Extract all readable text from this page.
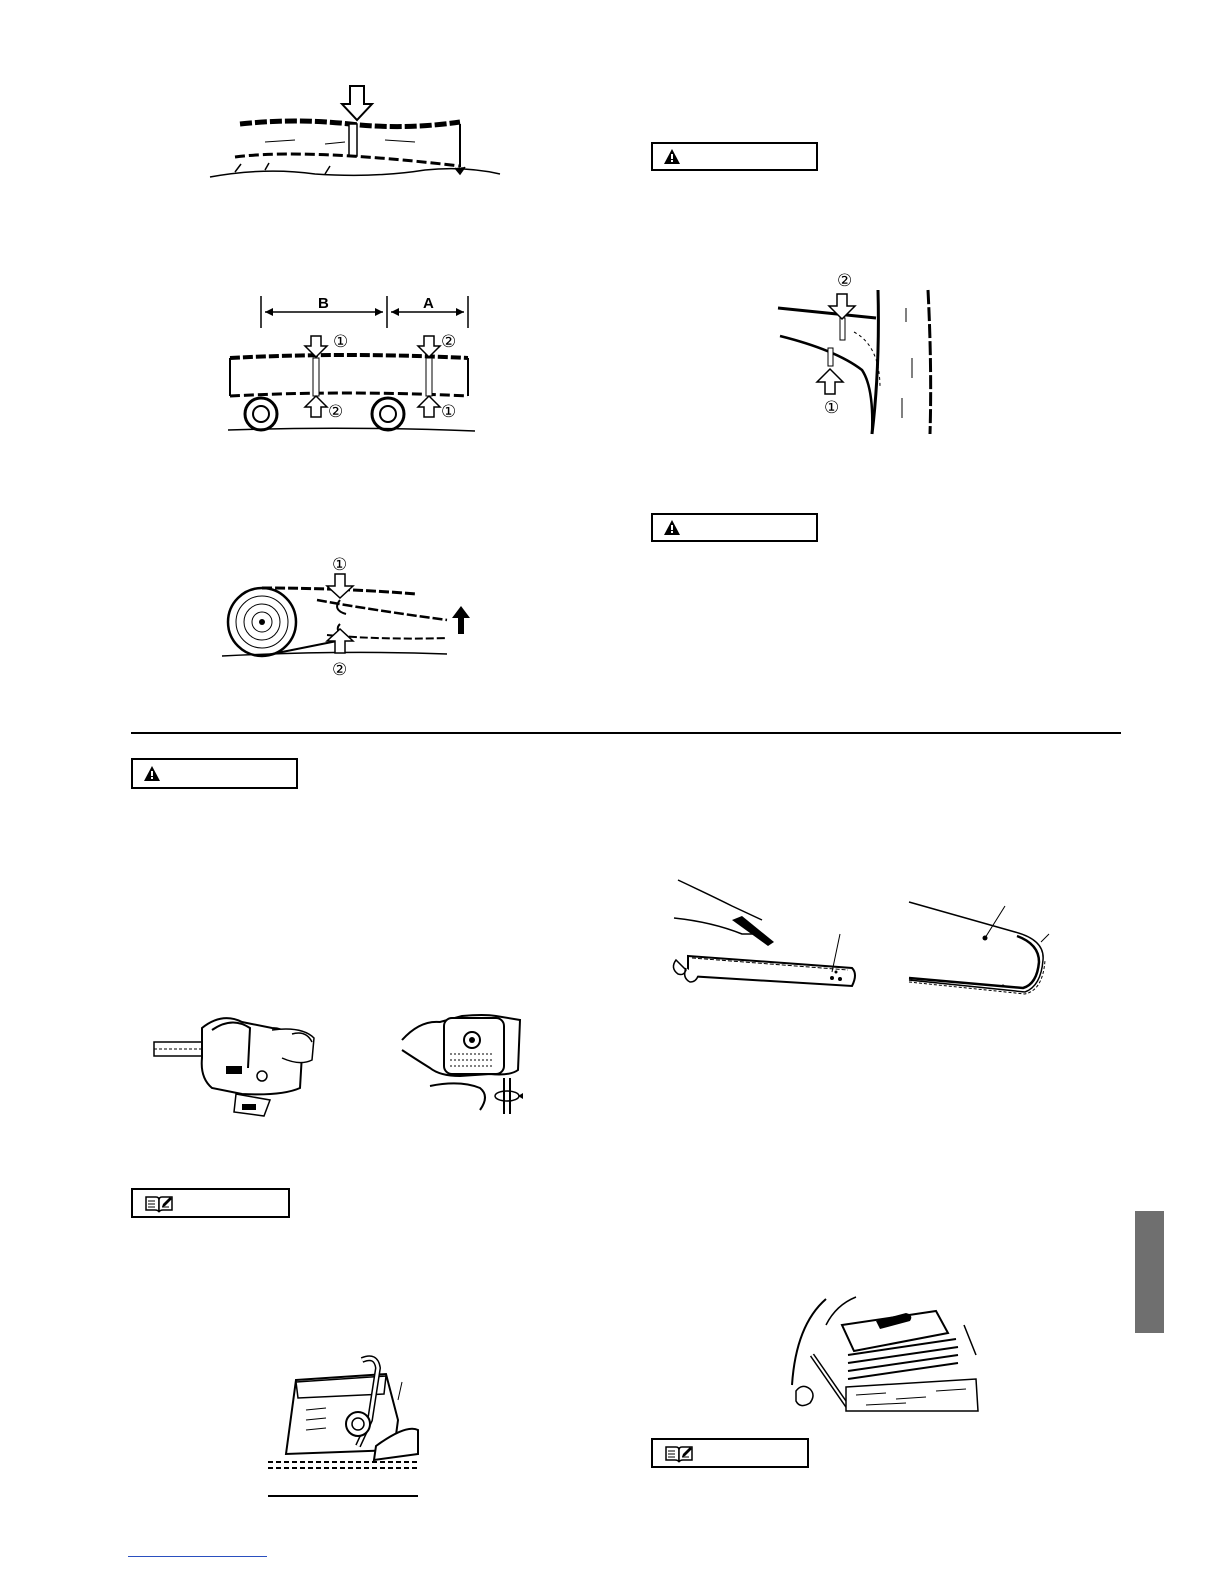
B	A
①	②
②	①
①
②
②
①
